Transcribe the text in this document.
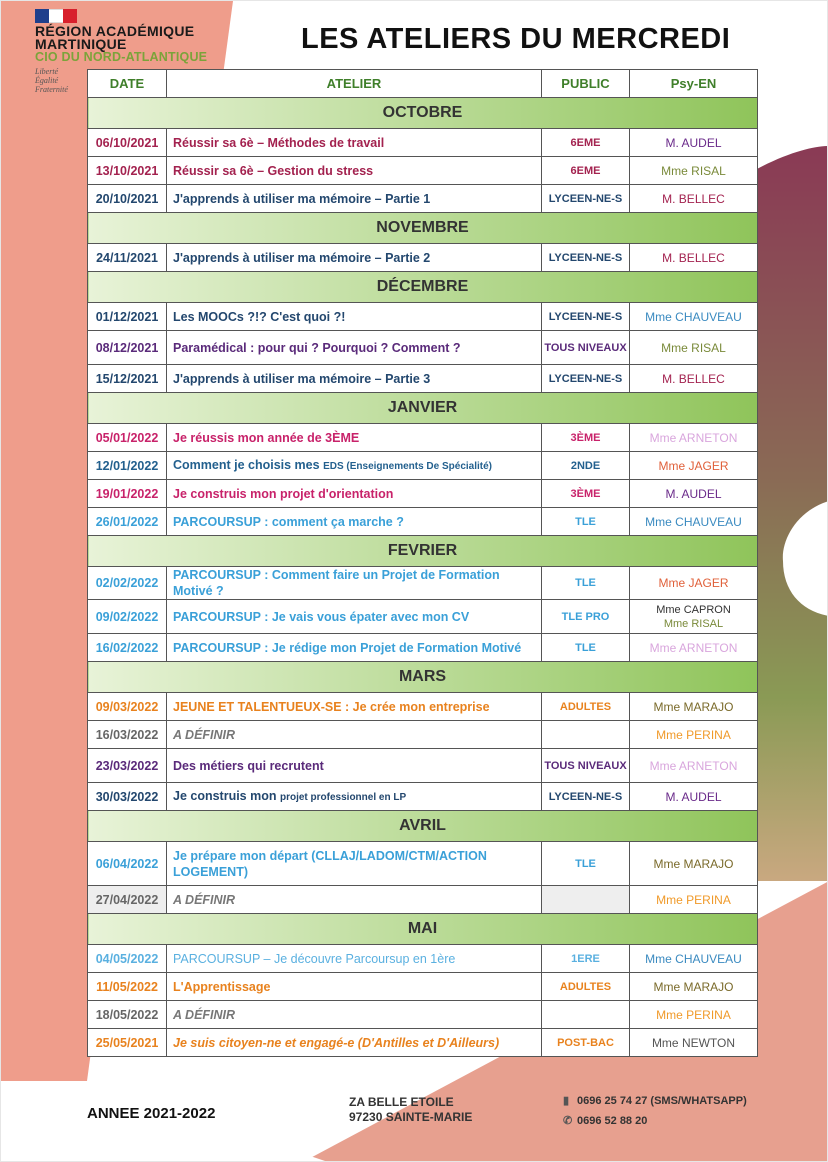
RÉGION ACADÉMIQUE
MARTINIQUE
CIO DU NORD-ATLANTIQUE
Liberté
Égalité
Fraternité
LES ATELIERS DU MERCREDI
DATE	ATELIER	PUBLIC	Psy-EN
OCTOBRE			
06/10/2021	Réussir sa 6è – Méthodes de travail	6EME	M. AUDEL

13/10/2021	Réussir sa 6è – Gestion du stress	6EME	Mme RISAL

20/10/2021	J'apprends à utiliser ma mémoire – Partie 1	LYCEEN-NE-S	M. BELLEC

NOVEMBRE			
24/11/2021	J'apprends à utiliser ma mémoire – Partie 2	LYCEEN-NE-S	M. BELLEC

DÉCEMBRE			
01/12/2021	Les MOOCs ?!? C'est quoi ?!	LYCEEN-NE-S	Mme CHAUVEAU

08/12/2021	Paramédical : pour qui ? Pourquoi ? Comment ?	TOUS NIVEAUX	Mme RISAL

15/12/2021	J'apprends à utiliser ma mémoire – Partie 3	LYCEEN-NE-S	M. BELLEC

JANVIER			
05/01/2022	Je réussis mon année de 3ÈME	3ÈME	Mme ARNETON

12/01/2022	Comment je choisis mes EDS (Enseignements De Spécialité)	2NDE	Mme JAGER

19/01/2022	Je construis mon projet d'orientation	3ÈME	M. AUDEL

26/01/2022	PARCOURSUP : comment ça marche ?	TLE	Mme CHAUVEAU

FEVRIER			
02/02/2022	PARCOURSUP : Comment faire un Projet de Formation Motivé ?	TLE	Mme JAGER

09/02/2022	PARCOURSUP : Je vais vous épater avec mon CV	TLE PRO	Mme CAPRON
Mme RISAL

16/02/2022	PARCOURSUP : Je rédige mon Projet de Formation Motivé	TLE	Mme ARNETON

MARS			
09/03/2022	JEUNE ET TALENTUEUX-SE : Je crée mon entreprise	ADULTES	Mme MARAJO

16/03/2022	A DÉFINIR		Mme PERINA

23/03/2022	Des métiers qui recrutent	TOUS NIVEAUX	Mme ARNETON

30/03/2022	Je construis mon projet professionnel en LP	LYCEEN-NE-S	M. AUDEL

AVRIL			
06/04/2022	Je prépare mon départ (CLLAJ/LADOM/CTM/ACTION LOGEMENT)	TLE	Mme MARAJO

27/04/2022	A DÉFINIR		Mme PERINA

MAI			
04/05/2022	PARCOURSUP – Je découvre Parcoursup en 1ère	1ERE	Mme CHAUVEAU

11/05/2022	L'Apprentissage	ADULTES	Mme MARAJO

18/05/2022	A DÉFINIR		Mme PERINA

25/05/2021	Je suis citoyen-ne et engagé-e (D'Antilles et D'Ailleurs)	POST-BAC	Mme NEWTON
ANNEE 2021-2022
ZA BELLE ETOILE
97230 SAINTE-MARIE
▮ 0696 25 74 27 (SMS/WHATSAPP)
✆ 0696 52 88 20
